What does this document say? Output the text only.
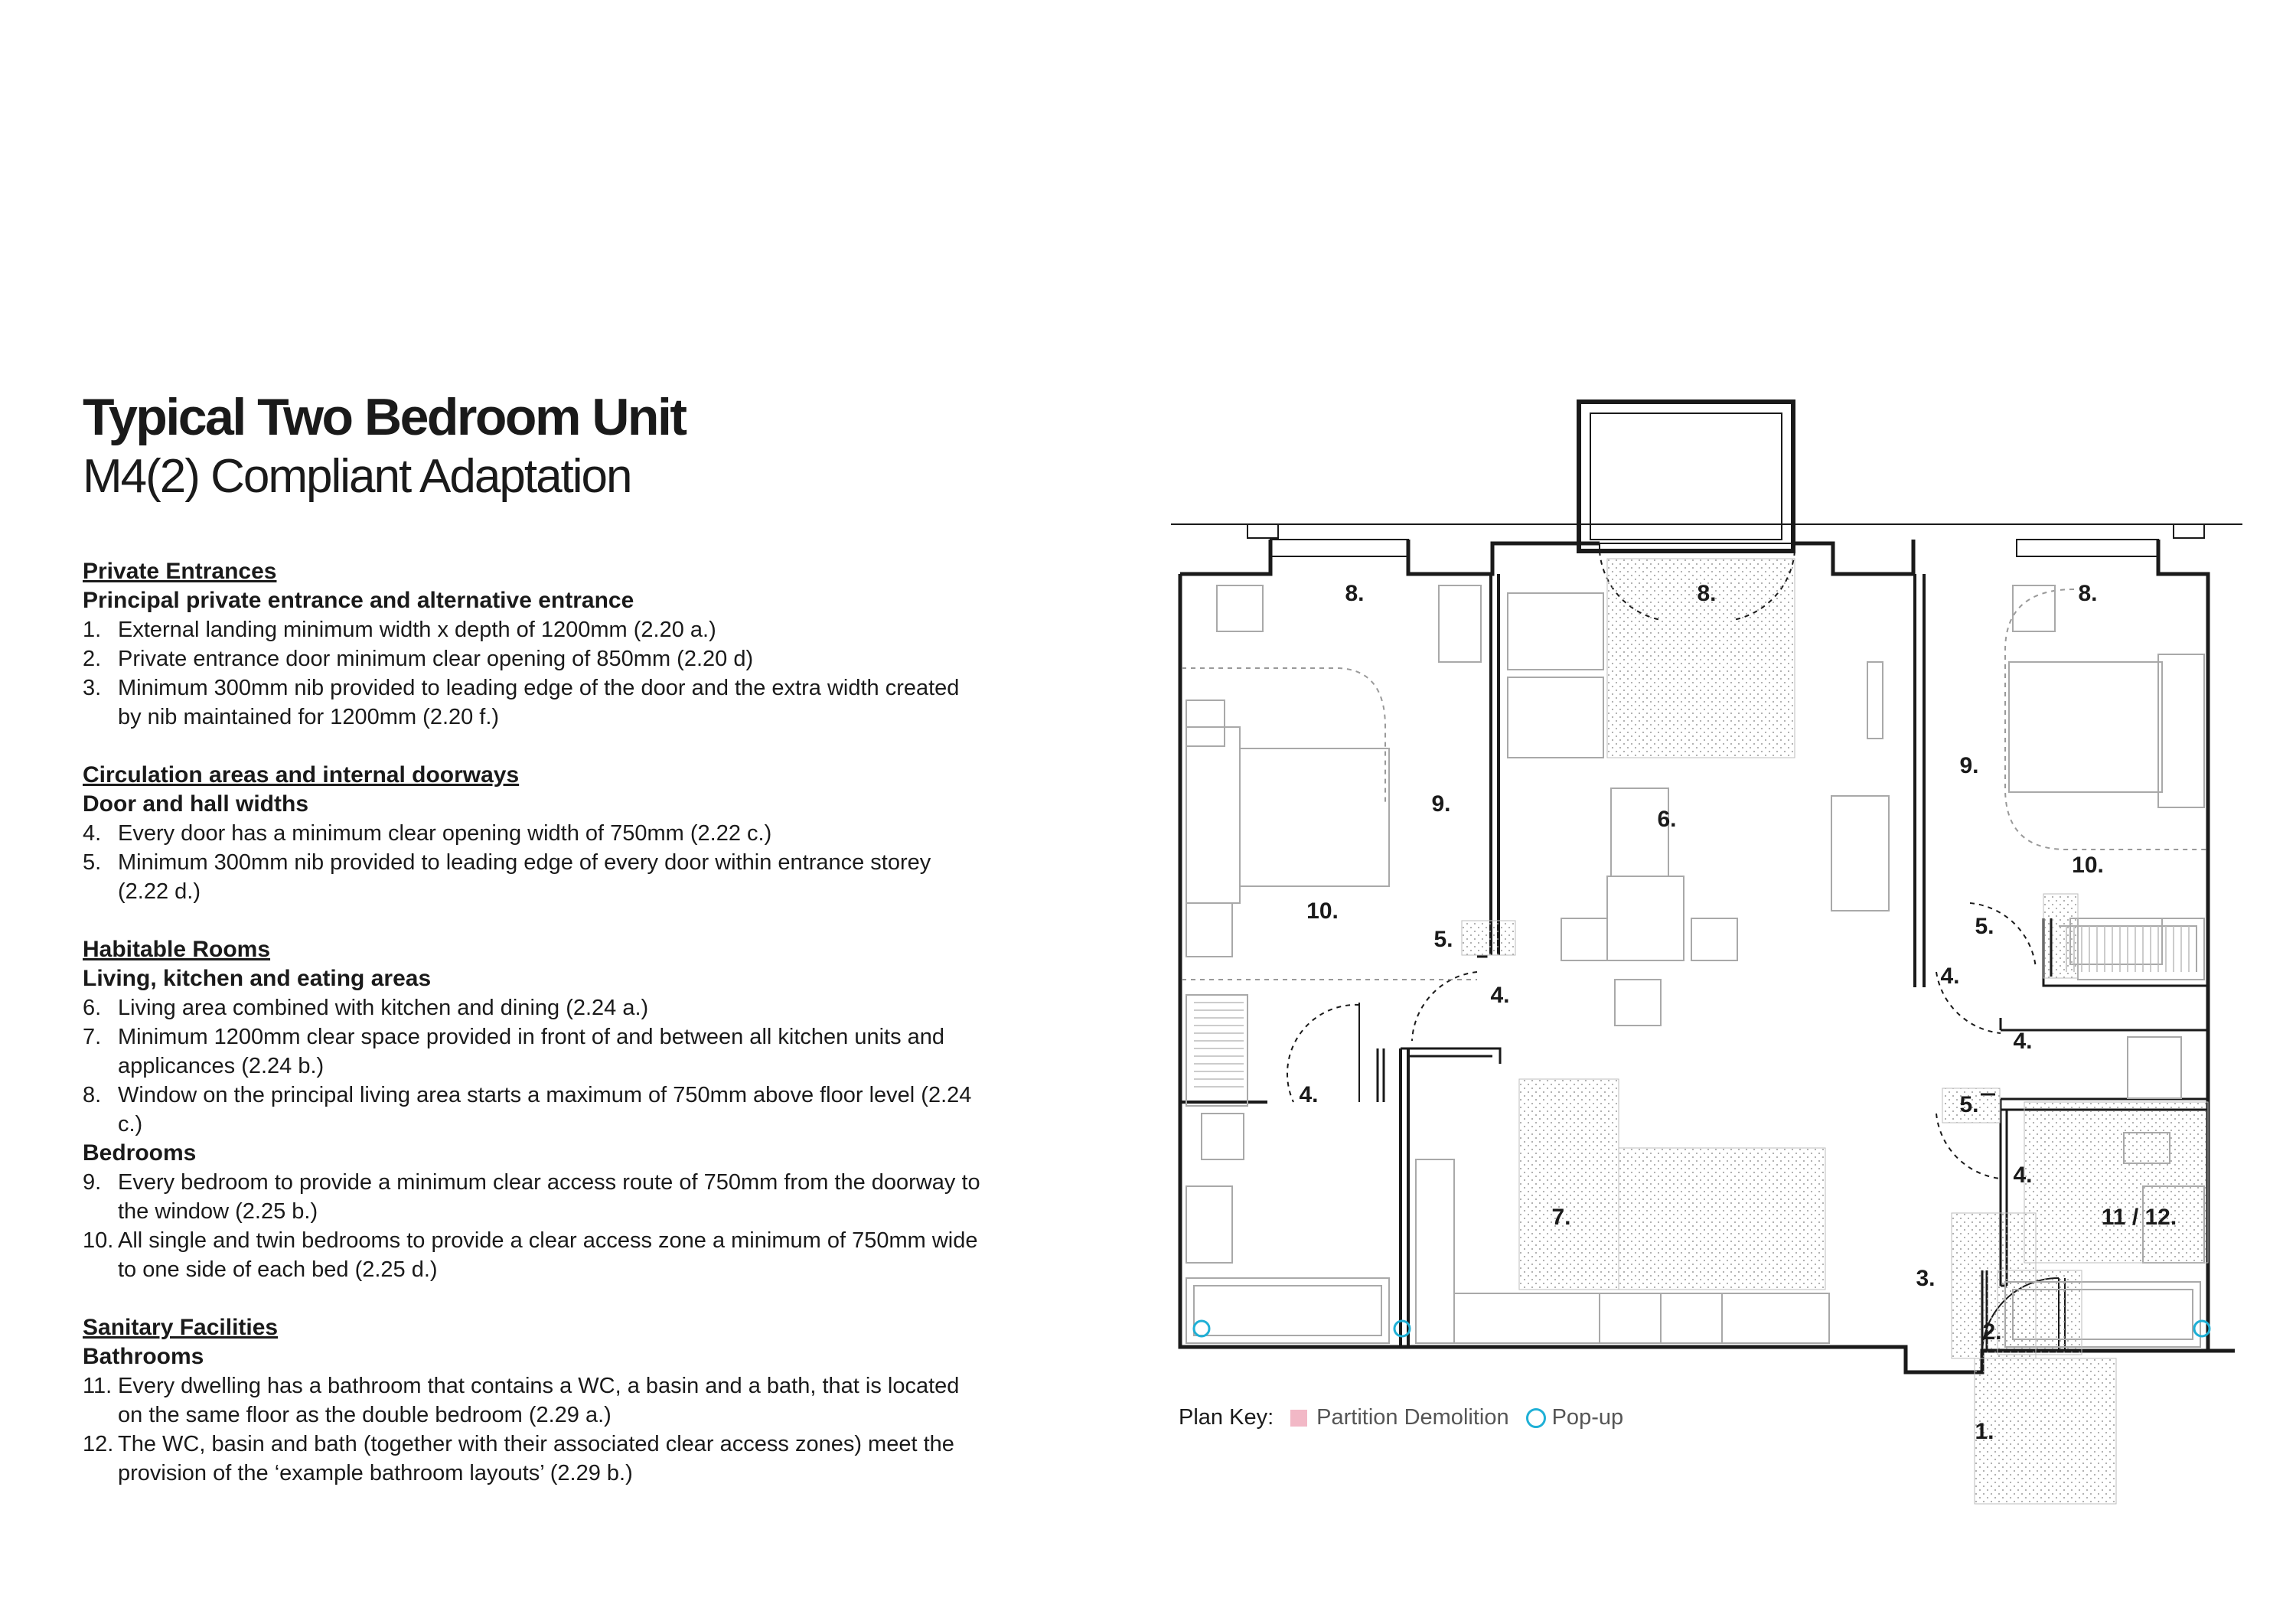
Typical Two Bedroom Unit
M4(2) Compliant Adaptation
Private Entrances
Principal private entrance and alternative entrance
1. External landing minimum width x depth of 1200mm (2.20 a.)
2. Private entrance door minimum clear opening of 850mm (2.20 d)
3. Minimum 300mm nib provided to leading edge of the door and the extra width created by nib maintained for 1200mm (2.20 f.)
Circulation areas and internal doorways
Door and hall widths
4. Every door has a minimum clear opening width of 750mm (2.22 c.)
5. Minimum 300mm nib provided to leading edge of every door within entrance storey (2.22 d.)
Habitable Rooms
Living, kitchen and eating areas
6. Living area combined with kitchen and dining (2.24 a.)
7. Minimum 1200mm clear space provided in front of and between all kitchen units and applicances (2.24 b.)
8. Window on the principal living area starts a maximum of 750mm above floor level (2.24 c.)
Bedrooms
9. Every bedroom to provide a minimum clear access route of 750mm from the doorway to the window (2.25 b.)
10. All single and twin bedrooms to provide a clear access zone a minimum of 750mm wide to one side of each bed (2.25 d.)
Sanitary Facilities
Bathrooms
11. Every dwelling has a bathroom that contains a WC, a basin and a bath, that is located on the same floor as the double bedroom (2.29 a.)
12. The WC, basin and bath (together with their associated clear access zones) meet the provision of the ‘example bathroom layouts’ (2.29 b.)
8.	8.	8.
9.
9.
10.
10.
6.
7.
5.
5.
5.
4.
4.
4.
4.
4.
11 / 12.
3.
2.
1.
Plan Key: Partition Demolition Pop-up
